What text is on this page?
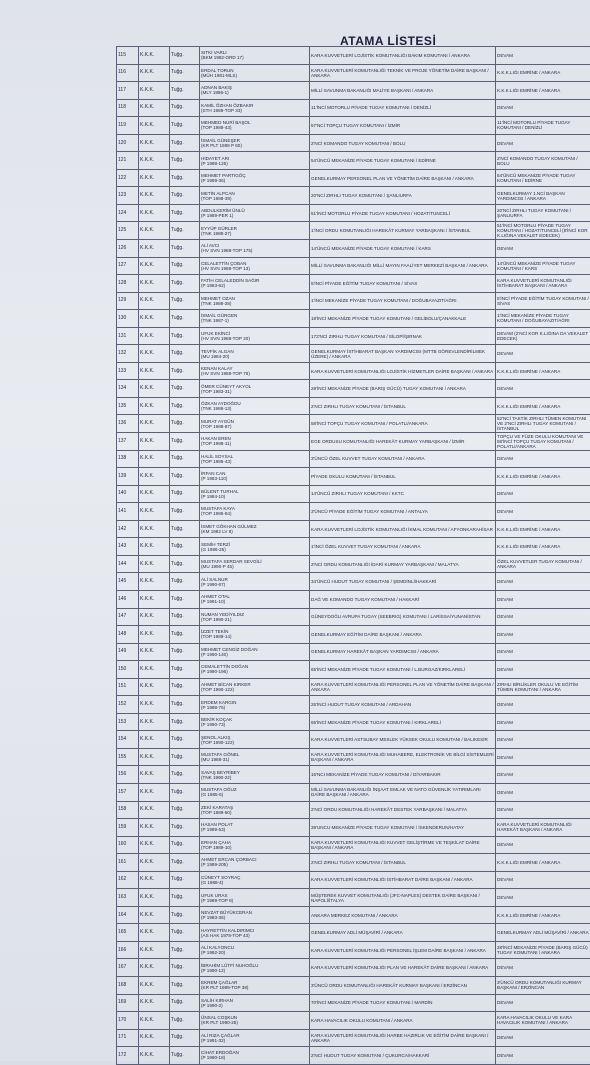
ATAMA LİSTESİ
115	K.K.K.	Tuğg.	SITKI VARLI
(BKM 1982-ORD 17)	KARA KUVVETLERİ LOJİSTİK KOMUTANLIĞI BAKIM KOMUTANI / ANKARA	DEVAM
116	K.K.K.	Tuğg.	ERDAL TORUN
(MÜH 1981-MLS)	KARA KUVVETLERİ KOMUTANLIĞI TEKNİK VE PROJE YÖNETİM DAİRE BAŞKANI / ANKARA	K.K.K.LIĞI EMRİNE / ANKARA
117	K.K.K.	Tuğg.	ADNAN BAKIŞ
(MLY 1986-1)	MİLLİ SAVUNMA BAKANLIĞI MALİYE BAŞKANI / ANKARA	K.K.K.LIĞI EMRİNE / ANKARA
118	K.K.K.	Tuğg.	KAMİL ÖZHAN ÖZBAKIR
(STH 1989-TOP 33)	11'İNCİ MOTORLU PİYADE TUGAY KOMUTANI / DENİZLİ	DEVAM
119	K.K.K.	Tuğg.	MEHMED NURİ BAŞOL
(TOP 1988-43)	57'NCİ TOPÇU TUGAY KOMUTANI / İZMİR	11'İNCİ MOTORLU PİYADE TUGAY KOMUTANI / DENİZLİ
120	K.K.K.	Tuğg.	İSMAİL GÜNEŞER
(KR PLT 1989 P 60)	2'NCİ KOMANDO TUGAY KOMUTANI / BOLU	DEVAM
121	K.K.K.	Tuğg.	HİDAYET ARI
(P 1988-125)	54'ÜNCÜ MEKANİZE PİYADE TUGAY KOMUTANI / EDİRNE	2'NCİ KOMANDO TUGAY KOMUTANI / BOLU
122	K.K.K.	Tuğg.	MEHMET PARTIGÖÇ
(P 1989-36)	GENELKURMAY PERSONEL PLAN VE YÖNETİM DAİRE BAŞKANI / ANKARA	54'ÜNCÜ MEKANİZE PİYADE TUGAY KOMUTANI / EDİRNE
123	K.K.K.	Tuğg.	METİN ALPCAN
(TOP 1988-39)	20'NCİ ZIRHLI TUGAY KOMUTANI / ŞANLIURFA	GENELKURMAY 1.NCİ BAŞKAN YARDIMCISI / ANKARA
124	K.K.K.	Tuğg.	ABDULKERİM ÜNLÜ
(P 1989-PER 1)	51'İNCİ MOTORLU PİYADE TUGAY KOMUTANI / HOZAT/TUNCELİ	20'NCİ ZIRHLI TUGAY KOMUTANI / ŞANLIURFA
125	K.K.K.	Tuğg.	EYYÜP GÜRLER
(TNK 1988-27)	1'İNCİ ORDU KOMUTANLIĞI HAREKÂT KURMAY YARBAŞKANI / İSTANBUL	51'İNCİ MOTORLU PİYADE TUGAY KOMUTANI / HOZAT/TUNCELİ (8'İNCİ KOR K.LIĞINA VEKALET EDECEK)
126	K.K.K.	Tuğg.	ALİ AVCI
(HV SVN 1988-TOP 175)	14'ÜNCÜ MEKANİZE PİYADE TUGAY KOMUTANI / KARS	DEVAM
127	K.K.K.	Tuğg.	CELALETTİN ÇOBAN
(HV SVN 1988-TOP 13)	MİLLİ SAVUNMA BAKANLIĞI MİLLİ MAYIN FAALİYET MERKEZİ BAŞKANI / ANKARA	14'ÜNCÜ MEKANİZE PİYADE TUGAY KOMUTANI / KARS
128	K.K.K.	Tuğg.	FATİH CELALEDDİN SAĞIR
(P 1983-62)	5'İNCİ PİYADE EĞİTİM TUGAY KOMUTANI / SİVAS	KARA KUVVETLERİ KOMUTANLIĞI İSTİHBARAT BAŞKANI / ANKARA
129	K.K.K.	Tuğg.	MEHMET OZAN
(TNK 1988-28)	1'İNCİ MEKANİZE PİYADE TUGAY KOMUTANI / DOĞUBAYAZIT/AĞRI	5'İNCİ PİYADE EĞİTİM TUGAY KOMUTANI / SİVAS
130	K.K.K.	Tuğg.	İSMAİL GÜRGEN
(TNK 1987-1)	18'İNCİ MEKANİZE PİYADE TUGAY KOMUTANI / GELİBOLU/ÇANAKKALE	1'İNCİ MEKANİZE PİYADE TUGAY KOMUTANI / DOĞUBAYAZIT/AĞRI
131	K.K.K.	Tuğg.	UFUK EKİNCİ
(HV SVN 1988-TOP 20)	172'NCİ ZIRHLI TUGAY KOMUTANI / SİLOPİ/ŞIRNAK	DEVAM (2'NCİ KOR K.LIĞINA DA VEKALET EDECEK)
132	K.K.K.	Tuğg.	TEVFİK ALGAN
(MU 1984-20)	GENELKURMAY İSTİHBARAT BAŞKAN YARDIMCISI (MTTB GÖREVLENDİRİLMEK ÜZERE) / ANKARA	DEVAM
133	K.K.K.	Tuğg.	KENAN KALAY
(HV SVN 1988-TOP 76)	KARA KUVVETLERİ KOMUTANLIĞI LOJİSTİK HİZMETLER DAİRE BAŞKANI / ANKARA	K.K.K.LIĞI EMRİNE / ANKARA
134	K.K.K.	Tuğg.	ÖMER CÜNEYT AKYOL
(TOP 1983-31)	28'İNCİ MEKANİZE PİYADE (BARIŞ GÜCÜ) TUGAY KOMUTANI / ANKARA	DEVAM
135	K.K.K.	Tuğg.	ÖZKAN AYDOĞDU
(TNK 1988-13)	2'NCİ ZIRHLI TUGAY KOMUTANI / İSTANBUL	K.K.K.LIĞI EMRİNE / ANKARA
136	K.K.K.	Tuğg.	MURAT AYGÜN
(TOP 1988-87)	58'İNCİ TOPÇU TUGAY KOMUTANI / POLATLI/ANKARA	52'NCİ TAKTİK ZIRHLI TÜMEN KOMUTANI VE 2'NCİ ZIRHLI TUGAY KOMUTANI / İSTANBUL
137	K.K.K.	Tuğg.	HAKAN EREN
(TOP 1988-11)	EGE ORDUSU KOMUTANLIĞI HAREKÂT KURMAY YARBAŞKANI / İZMİR	TOPÇU VE FÜZE OKULU KOMUTANI VE 58'İNCİ TOPÇU TUGAY KOMUTANI / POLATLI/ANKARA
138	K.K.K.	Tuğg.	HALİL SOYSAL
(TOP 1985-43)	3'ÜNCÜ ÖZEL KUVVET TUGAY KOMUTANI / ANKARA	DEVAM
139	K.K.K.	Tuğg.	İRFAN CAN
(P 1983-110)	PİYADE OKULU KOMUTANI / İSTANBUL	K.K.K.LIĞI EMRİNE / ANKARA
140	K.K.K.	Tuğg.	BÜLENT TURHAL
(P 1984-10)	14'ÜNCÜ ZIRHLI TUGAY KOMUTANI / KKTC	DEVAM
141	K.K.K.	Tuğg.	MUSTAFA KAYA
(TOP 1985-84)	3'ÜNCÜ PİYADE EĞİTİM TUGAY KOMUTANI / ANTALYA	DEVAM
142	K.K.K.	Tuğg.	İSMET GÖKHAN GÜLMEZ
(KM 1982 LV 8)	KARA KUVVETLERİ LOJİSTİK KOMUTANLIĞI İKMAL KOMUTANI / AFYONKARAHİSAR	K.K.K.LIĞI EMRİNE / ANKARA
143	K.K.K.	Tuğg.	SEMİH TERZİ
(G 1986-25)	1'İNCİ ÖZEL KUVVET TUGAY KOMUTANI / ANKARA	K.K.K.LIĞI EMRİNE / ANKARA
144	K.K.K.	Tuğg.	MUSTAFA SERDAR SEVGİLİ
(MU 1990-P 45)	2'NCİ ORDU KOMUTANLIĞI İDARİ KURMAY YARBAŞKANI / MALATYA	ÖZEL KUVVETLER TUGAY KOMUTANI / ANKARA
145	K.K.K.	Tuğg.	ALİ SALNUR
(P 1990-67)	34'ÜNCÜ HUDUT TUGAY KOMUTANI / ŞEMDİNLİ/HAKKARİ	DEVAM
146	K.K.K.	Tuğg.	AHMET OTAL
(P 1991-10)	DAĞ VE KOMANDO TUGAY KOMUTANI / HAKKARİ	DEVAM
147	K.K.K.	Tuğg.	NUMAN YEDİYILDIZ
(TOP 1990-21)	GÜNEYDOĞU AVRUPA TUGAY (SEEBRIG) KOMUTANI / LARİSSA/YUNANİSTAN	DEVAM
148	K.K.K.	Tuğg.	İZZET TEKİN
(TOP 1989-14)	GENELKURMAY EĞİTİM DAİRE BAŞKANI / ANKARA	DEVAM
149	K.K.K.	Tuğg.	MEHMET CENGİZ DOĞAN
(P 1990-140)	GENELKURMAY HAREKÂT BAŞKAN YARDIMCISI / ANKARA	DEVAM
150	K.K.K.	Tuğg.	CEMALETTİN DOĞAN
(P 1990-196)	65'İNCİ MEKANİZE PİYADE TUGAY KOMUTANI / L.BURGAZ/KIRKLARELİ	DEVAM
151	K.K.K.	Tuğg.	AHMET BİCAN KIRKER
(TOP 1990-122)	KARA KUVVETLERİ KOMUTANLIĞI PERSONEL PLAN VE YÖNETİM DAİRE BAŞKANI / ANKARA	ZIRHLI BİRLİKLER OKULU VE EĞİTİM TÜMEN KOMUTANI / ANKARA
152	K.K.K.	Tuğg.	ERDEM KARGIN
(P 1988-76)	25'İNCİ HUDUT TUGAY KOMUTANI / ARDAHAN	DEVAM
153	K.K.K.	Tuğg.	BEKİR KOÇAK
(P 1990-73)	55'İNCİ MEKANİZE PİYADE TUGAY KOMUTANI / KIRKLARELİ	DEVAM
154	K.K.K.	Tuğg.	ŞENOL ALKIŞ
(TOP 1990-122)	KARA KUVVETLERİ ASTSUBAY MESLEK YÜKSEK OKULU KOMUTANI / BALIKESİR	DEVAM
155	K.K.K.	Tuğg.	MUSTAFA GÖNEL
(MU 1988-31)	KARA KUVVETLERİ KOMUTANLIĞI MUHABERE, ELEKTRONİK VE BİLGİ SİSTEMLERİ BAŞKANI / ANKARA	DEVAM
156	K.K.K.	Tuğg.	SAVAŞ BEYRİBEY
(TNK 1990-22)	16'NCI MEKANİZE PİYADE TUGAY KOMUTANI / DİYARBAKIR	DEVAM
157	K.K.K.	Tuğg.	MUSTAFA OĞUZ
(G 1985-5)	MİLLİ SAVUNMA BAKANLIĞI İNŞAAT EMLAK VE NATO GÜVENLİK YATIRIMLARI DAİRE BAŞKANI / ANKARA	DEVAM
158	K.K.K.	Tuğg.	ZEKİ KARATAŞ
(TOP 1989-50)	2'NCİ ORDU KOMUTANLIĞI HAREKÂT DESTEK YARBAŞKANI / MALATYA	DEVAM
159	K.K.K.	Tuğg.	HASAN POLAT
(P 1989-53)	39'UNCU MEKANİZE PİYADE TUGAY KOMUTANI / İSKENDERUN/HATAY	KARA KUVVETLERİ KOMUTANLIĞI HAREKÂT BAŞKANI / ANKARA
160	K.K.K.	Tuğg.	ERHAN ÇAHA
(TOP 1989-10)	KARA KUVVETLERİ KOMUTANLIĞI KUVVET GELİŞTİRME VE TEŞKİLAT DAİRE BAŞKANI / ANKARA	DEVAM
161	K.K.K.	Tuğg.	AHMET ERCAN ÇORBACI
(P 1989-205)	2'NCİ ZIRHLI TUGAY KOMUTANI / İSTANBUL	K.K.K.LIĞI EMRİNE / ANKARA
162	K.K.K.	Tuğg.	CÜNEYT SOYRAÇ
(G 1988-4)	KARA KUVVETLERİ KOMUTANLIĞI İSTİHBARAT DAİRE BAŞKANI / ANKARA	DEVAM
163	K.K.K.	Tuğg.	UFUK URAS
(P 1989-TOP 8)	MÜŞTEREK KUVVET KOMUTANLIĞI (JFC-NAPLES) DESTEK DAİRE BAŞKANI / NAPOLİ/İTALYA	DEVAM
164	K.K.K.	Tuğg.	NEVZAT BÜYÜKCERAN
(P 1983-36)	ANKARA MERKEZ KOMUTANI / ANKARA	K.K.K.LIĞI EMRİNE / ANKARA
165	K.K.K.	Tuğg.	HAYRETTİN KALDIRIMCI
(AS HAK 1978-TOP 43)	GENELKURMAY ADLİ MÜŞAVİRİ / ANKARA	GENELKURMAY ADLİ MÜŞAVİRİ / ANKARA
166	K.K.K.	Tuğg.	ALİ KALYONCU
(P 1992-20)	KARA KUVVETLERİ KOMUTANLIĞI PERSONEL İŞLEM DAİRE BAŞKANI / ANKARA	28'İNCİ MEKANİZE PİYADE (BARIŞ GÜCÜ) TUGAY KOMUTANI / ANKARA
167	K.K.K.	Tuğg.	İBRAHİM LÜTFİ NUHOĞLU
(P 1990-12)	KARA KUVVETLERİ KOMUTANLIĞI PLAN VE HAREKÂT DAİRE BAŞKANI / ANKARA	DEVAM
168	K.K.K.	Tuğg.	EKREM ÇAĞLAR
(KR PLT 1989-TOP 38)	3'ÜNCÜ ORDU KOMUTANLIĞI HAREKÂT KURMAY BAŞKANI / ERZİNCAN	3'ÜNCÜ ORDU KOMUTANLIĞI KURMAY BAŞKANI / ERZİNCAN
169	K.K.K.	Tuğg.	SALİH KIRHAN
(P 1990-2)	70'İNCİ MEKANİZE PİYADE TUGAY KOMUTANI / MARDİN	DEVAM
170	K.K.K.	Tuğg.	ÜNSAL COŞKUN
(KR PLT 1990-25)	KARA HAVACILIK OKULU KOMUTANI / ANKARA	KARA HAVACILIK OKULU VE KARA HAVACILIK KOMUTANI / ANKARA
171	K.K.K.	Tuğg.	ALİ RIZA ÇAĞLAR
(P 1991-32)	KARA KUVVETLERİ KOMUTANLIĞI HARBE HAZIRLIK VE EĞİTİM DAİRE BAŞKANI / ANKARA	DEVAM
172	K.K.K.	Tuğg.	CİHAT ERDOĞAN
(P 1990-18)	2'NCİ HUDUT TUGAY KOMUTANI / ÇUKURCA/HAKKARİ	DEVAM
